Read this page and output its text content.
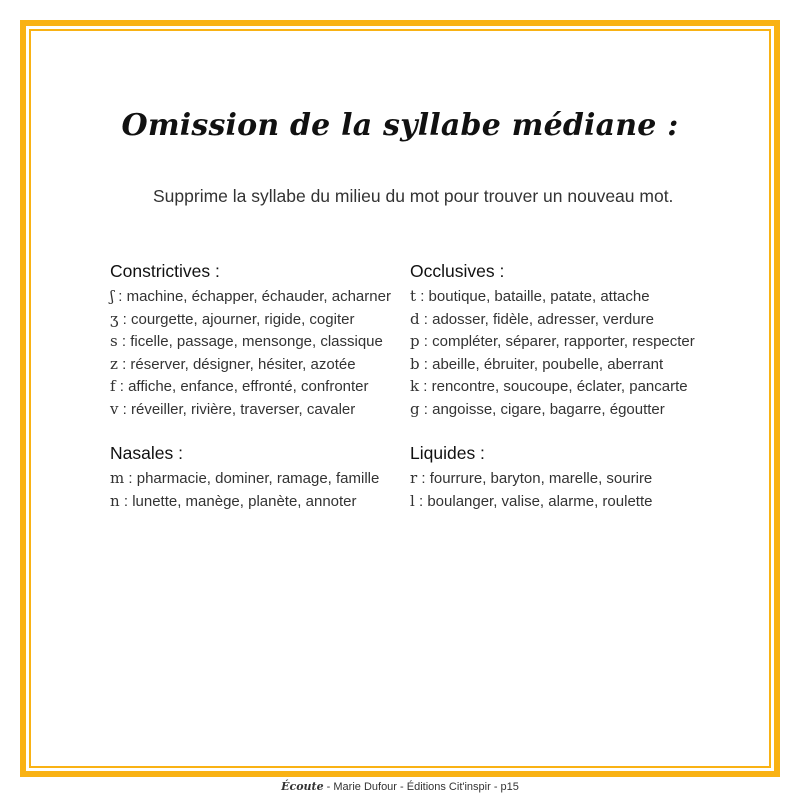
Omission de la syllabe médiane :
Supprime la syllabe du milieu du mot pour trouver un nouveau mot.
Constrictives :
ʃ : machine, échapper, échauder, acharner
ʒ : courgette, ajourner, rigide, cogiter
s : ficelle, passage, mensonge, classique
z : réserver, désigner, hésiter, azotée
f : affiche, enfance, effronté, confronter
v : réveiller, rivière, traverser, cavaler
Occlusives :
t : boutique, bataille, patate, attache
d : adosser, fidèle, adresser, verdure
p : compléter, séparer, rapporter, respecter
b : abeille, ébruiter, poubelle, aberrant
k : rencontre, soucoupe, éclater, pancarte
g : angoisse, cigare, bagarre, égoutter
Nasales :
m : pharmacie, dominer, ramage, famille
n : lunette, manège, planète, annoter
Liquides :
r : fourrure, baryton, marelle, sourire
l : boulanger, valise, alarme, roulette
Écoute - Marie Dufour - Éditions Cit'inspir - p15
